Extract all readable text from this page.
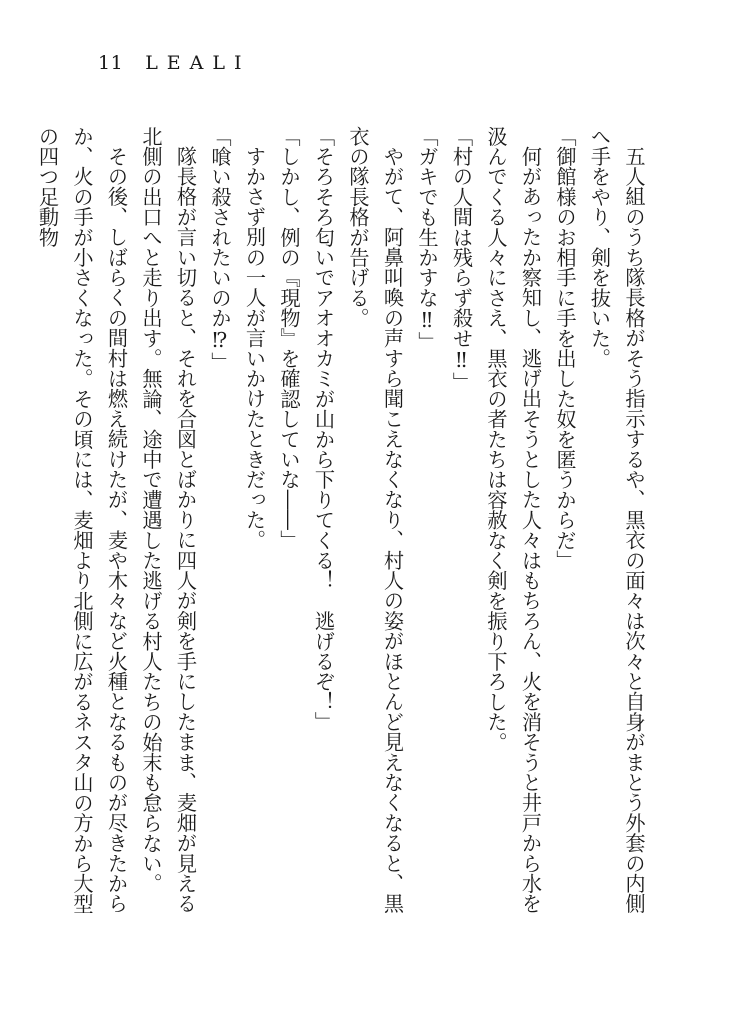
11 LEALI

五人組のうち隊長格がそう指示するや、黒衣の面々は次々と自身がまとう外套の内側へ手をやり、剣を抜いた。

「御館様のお相手に手を出した奴を匿うからだ」

何があったか察知し、逃げ出そうとした人々はもちろん、火を消そうと井戸から水を汲んでくる人々にさえ、黒衣の者たちは容赦なく剣を振り下ろした。

「村の人間は残らず殺せ‼」

「ガキでも生かすな‼」

やがて、阿鼻叫喚の声すら聞こえなくなり、村人の姿がほとんど見えなくなると、黒衣の隊長格が告げる。

「そろそろ匂いでアオオカミが山から下りてくる！　逃げるぞ！」

「しかし、例の『現物』を確認していな――」

すかさず別の一人が言いかけたときだった。

「喰い殺されたいのか⁉」

隊長格が言い切ると、それを合図とばかりに四人が剣を手にしたまま、麦畑が見える北側の出口へと走り出す。無論、途中で遭遇した逃げる村人たちの始末も怠らない。

その後、しばらくの間村は燃え続けたが、麦や木々など火種となるものが尽きたからか、火の手が小さくなった。その頃には、麦畑より北側に広がるネスタ山の方から大型の四つ足動物
